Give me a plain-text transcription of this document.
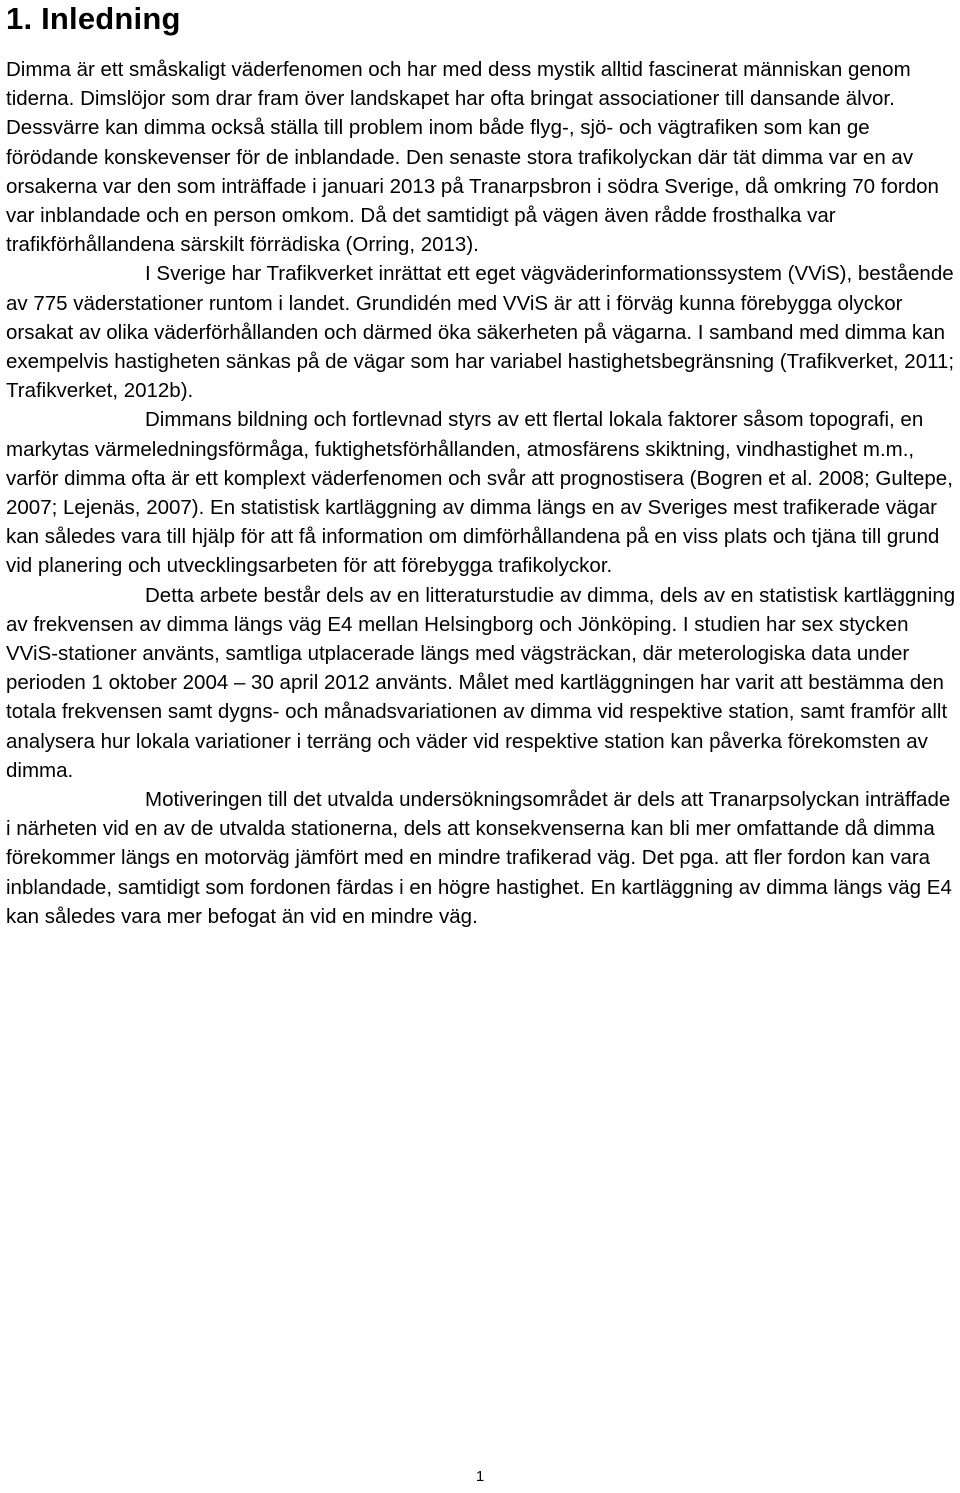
1. Inledning

Dimma är ett småskaligt väderfenomen och har med dess mystik alltid fascinerat människan genom tiderna. Dimslöjor som drar fram över landskapet har ofta bringat associationer till dansande älvor. Dessvärre kan dimma också ställa till problem inom både flyg-, sjö- och vägtrafiken som kan ge förödande konskevenser för de inblandade. Den senaste stora trafikolyckan där tät dimma var en av orsakerna var den som inträffade i januari 2013 på Tranarpsbron i södra Sverige, då omkring 70 fordon var inblandade och en person omkom. Då det samtidigt på vägen även rådde frosthalka var trafikförhållandena särskilt förrädiska (Orring, 2013).

I Sverige har Trafikverket inrättat ett eget vägväderinformationssystem (VViS), bestående av 775 väderstationer runtom i landet. Grundidén med VViS är att i förväg kunna förebygga olyckor orsakat av olika väderförhållanden och därmed öka säkerheten på vägarna. I samband med dimma kan exempelvis hastigheten sänkas på de vägar som har variabel hastighetsbegränsning (Trafikverket, 2011; Trafikverket, 2012b).

Dimmans bildning och fortlevnad styrs av ett flertal lokala faktorer såsom topografi, en markytas värmeledningsförmåga, fuktighetsförhållanden, atmosfärens skiktning, vindhastighet m.m., varför dimma ofta är ett komplext väderfenomen och svår att prognostisera (Bogren et al. 2008; Gultepe, 2007; Lejenäs, 2007). En statistisk kartläggning av dimma längs en av Sveriges mest trafikerade vägar kan således vara till hjälp för att få information om dimförhållandena på en viss plats och tjäna till grund vid planering och utvecklingsarbeten för att förebygga trafikolyckor.

Detta arbete består dels av en litteraturstudie av dimma, dels av en statistisk kartläggning av frekvensen av dimma längs väg E4 mellan Helsingborg och Jönköping. I studien har sex stycken VViS-stationer använts, samtliga utplacerade längs med vägsträckan, där meterologiska data under perioden 1 oktober 2004 – 30 april 2012 använts. Målet med kartläggningen har varit att bestämma den totala frekvensen samt dygns- och månadsvariationen av dimma vid respektive station, samt framför allt analysera hur lokala variationer i terräng och väder vid respektive station kan påverka förekomsten av dimma.

Motiveringen till det utvalda undersökningsområdet är dels att Tranarpsolyckan inträffade i närheten vid en av de utvalda stationerna, dels att konsekvenserna kan bli mer omfattande då dimma förekommer längs en motorväg jämfört med en mindre trafikerad väg. Det pga. att fler fordon kan vara inblandade, samtidigt som fordonen färdas i en högre hastighet. En kartläggning av dimma längs väg E4 kan således vara mer befogat än vid en mindre väg.

1
